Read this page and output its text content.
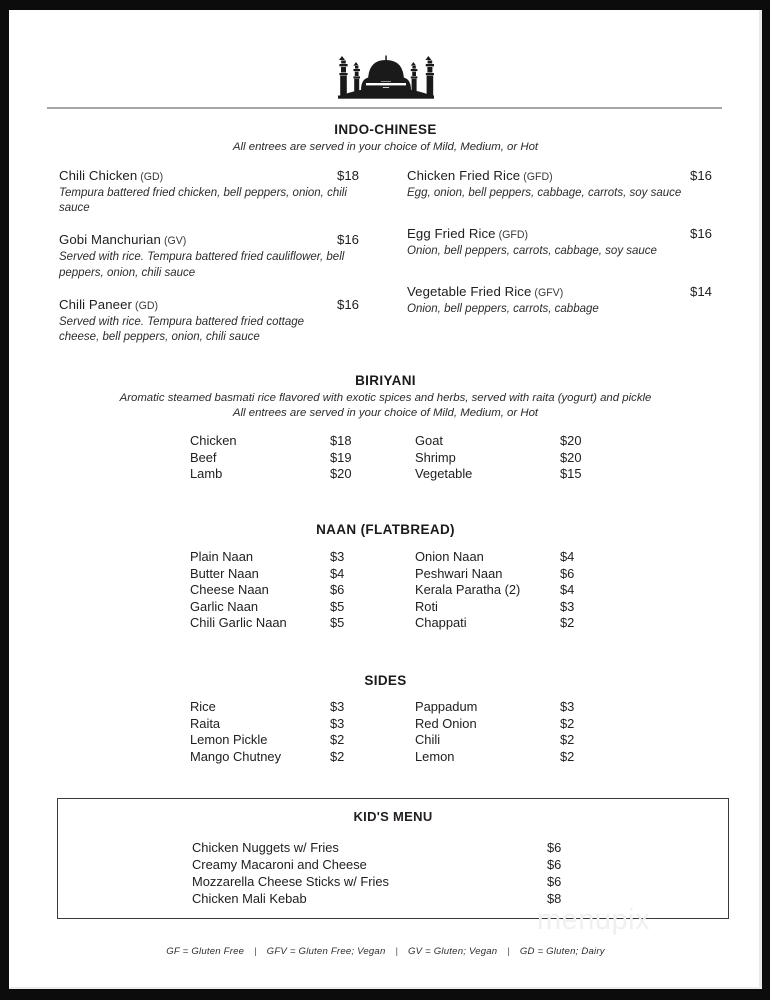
INDO-CHINESE
All entrees are served in your choice of Mild, Medium, or Hot
Chili Chicken (GD)	$18
Tempura battered fried chicken, bell peppers, onion, chili sauce
Gobi Manchurian (GV)	$16
Served with rice. Tempura battered fried cauliflower, bell peppers, onion, chili sauce
Chili Paneer (GD)	$16
Served with rice. Tempura battered fried cottage cheese, bell peppers, onion, chili sauce
Chicken Fried Rice (GFD)	$16
Egg, onion, bell peppers, cabbage, carrots, soy sauce
Egg Fried Rice (GFD)	$16
Onion, bell peppers, carrots, cabbage, soy sauce
Vegetable Fried Rice (GFV)	$14
Onion, bell peppers, carrots, cabbage
BIRIYANI
Aromatic steamed basmati rice flavored with exotic spices and herbs, served with raita (yogurt) and pickle
All entrees are served in your choice of Mild, Medium, or Hot
Chicken	$18	Goat	$20
Beef	$19	Shrimp	$20
Lamb	$20	Vegetable	$15
NAAN (FLATBREAD)
Plain Naan	$3	Onion Naan	$4
Butter Naan	$4	Peshwari Naan	$6
Cheese Naan	$6	Kerala Paratha (2)	$4
Garlic Naan	$5	Roti	$3
Chili Garlic Naan	$5	Chappati	$2
SIDES
Rice	$3	Pappadum	$3
Raita	$3	Red Onion	$2
Lemon Pickle	$2	Chili	$2
Mango Chutney	$2	Lemon	$2
KID'S MENU
Chicken Nuggets w/ Fries	$6
Creamy Macaroni and Cheese	$6
Mozzarella Cheese Sticks w/ Fries	$6
Chicken Mali Kebab	$8
menupix
GF = Gluten Free | GFV = Gluten Free; Vegan | GV = Gluten; Vegan | GD = Gluten; Dairy
